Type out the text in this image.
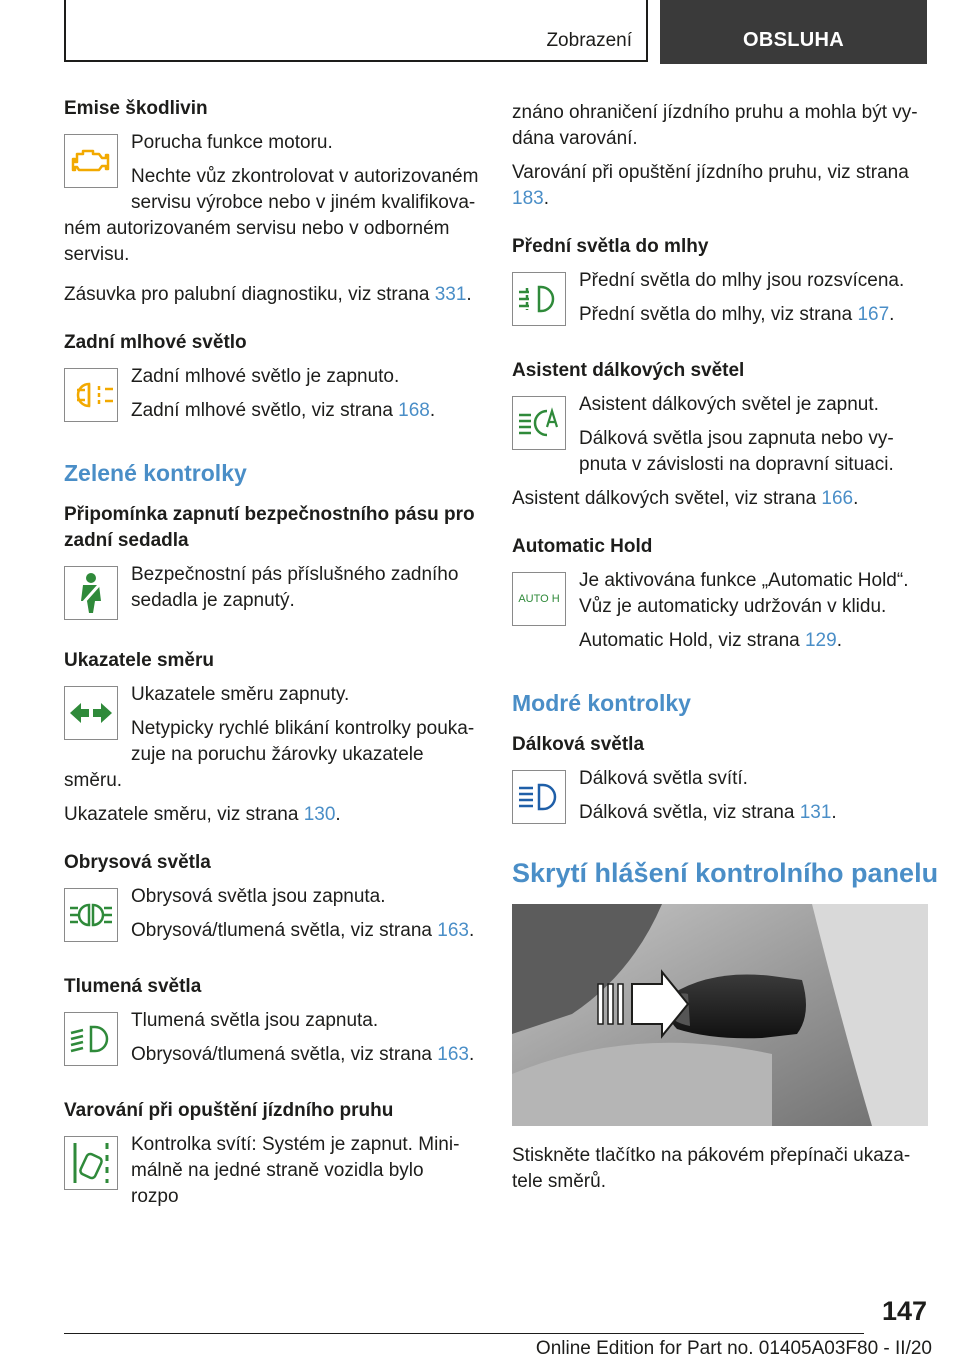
Zobrazení	OBSLUHA
Emise škodlivin

Porucha funkce motoru.

Nechte vůz zkontrolovat v autorizovaném servisu výrobce nebo v jiném kvalifikovaném autorizovaném servisu nebo v odborném servisu.

Zásuvka pro palubní diagnostiku, viz strana 331.

Zadní mlhové světlo

Zadní mlhové světlo je zapnuto.

Zadní mlhové světlo, viz strana 168.

Zelené kontrolky
Připomínka zapnutí bezpečnostního pásu pro zadní sedadla

Bezpečnostní pás příslušného zadního sedadla je zapnutý.

Ukazatele směru

Ukazatele směru zapnuty.

Netypicky rychlé blikání kontrolky poukazuje na poruchu žárovky ukazatele směru.

Ukazatele směru, viz strana 130.

Obrysová světla

Obrysová světla jsou zapnuta.

Obrysová/tlumená světla, viz strana 163.

Tlumená světla

Tlumená světla jsou zapnuta.

Obrysová/tlumená světla, viz strana 163.

Varování při opuštění jízdního pruhu

Kontrolka svítí: Systém je zapnut. Minimálně na jedné straně vozidla bylo rozpo

znáno ohraničení jízdního pruhu a mohla být vydána varování.

Varování při opuštění jízdního pruhu, viz strana 183.

Přední světla do mlhy

Přední světla do mlhy jsou rozsvícena.

Přední světla do mlhy, viz strana 167.

Asistent dálkových světel

Asistent dálkových světel je zapnut.

Dálková světla jsou zapnuta nebo vypnuta v závislosti na dopravní situaci.

Asistent dálkových světel, viz strana 166.

Automatic Hold
AUTO H

Je aktivována funkce „Automatic Hold“. Vůz je automaticky udržován v klidu.

Automatic Hold, viz strana 129.

Modré kontrolky
Dálková světla

Dálková světla svítí.

Dálková světla, viz strana 131.

Skrytí hlášení kontrolního panelu

Stiskněte tlačítko na pákovém přepínači ukazatele směrů.

147
Online Edition for Part no. 01405A03F80 - II/20
